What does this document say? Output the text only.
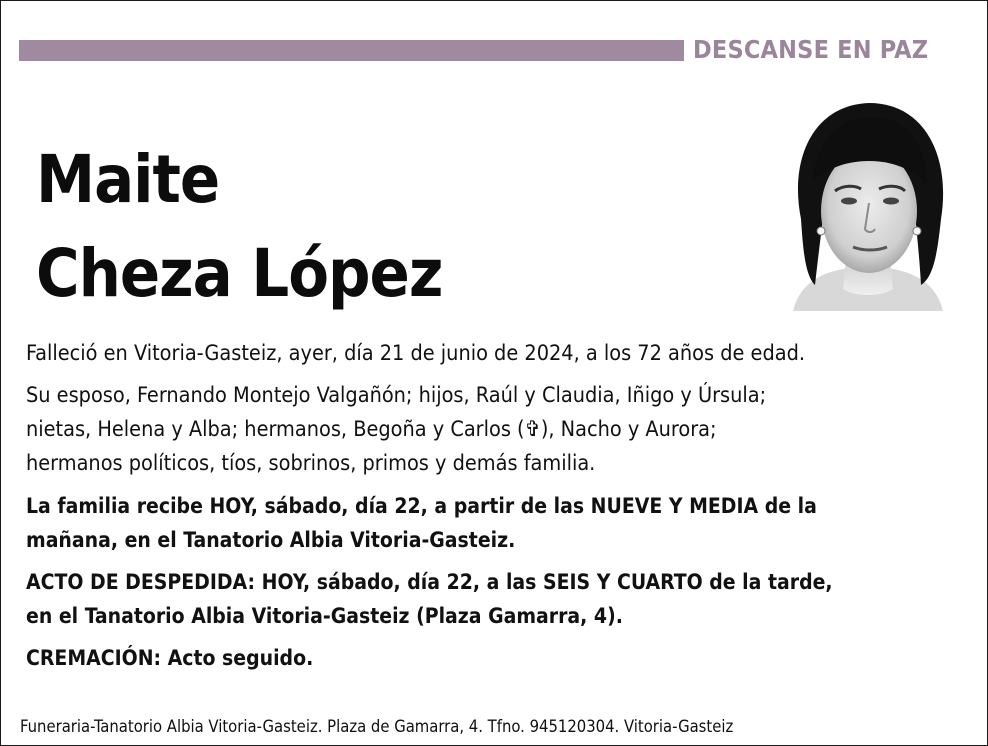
DESCANSE EN PAZ
Maite
Cheza López

Falleció en Vitoria-Gasteiz, ayer, día 21 de junio de 2024, a los 72 años de edad.

Su esposo, Fernando Montejo Valgañón; hijos, Raúl y Claudia, Iñigo y Úrsula;

nietas, Helena y Alba; hermanos, Begoña y Carlos (✞), Nacho y Aurora;

hermanos políticos, tíos, sobrinos, primos y demás familia.

La familia recibe HOY, sábado, día 22, a partir de las NUEVE Y MEDIA de la

mañana, en el Tanatorio Albia Vitoria-Gasteiz.

ACTO DE DESPEDIDA: HOY, sábado, día 22, a las SEIS Y CUARTO de la tarde,

en el Tanatorio Albia Vitoria-Gasteiz (Plaza Gamarra, 4).

CREMACIÓN: Acto seguido.

Funeraria-Tanatorio Albia Vitoria-Gasteiz. Plaza de Gamarra, 4. Tfno. 945120304. Vitoria-Gasteiz
